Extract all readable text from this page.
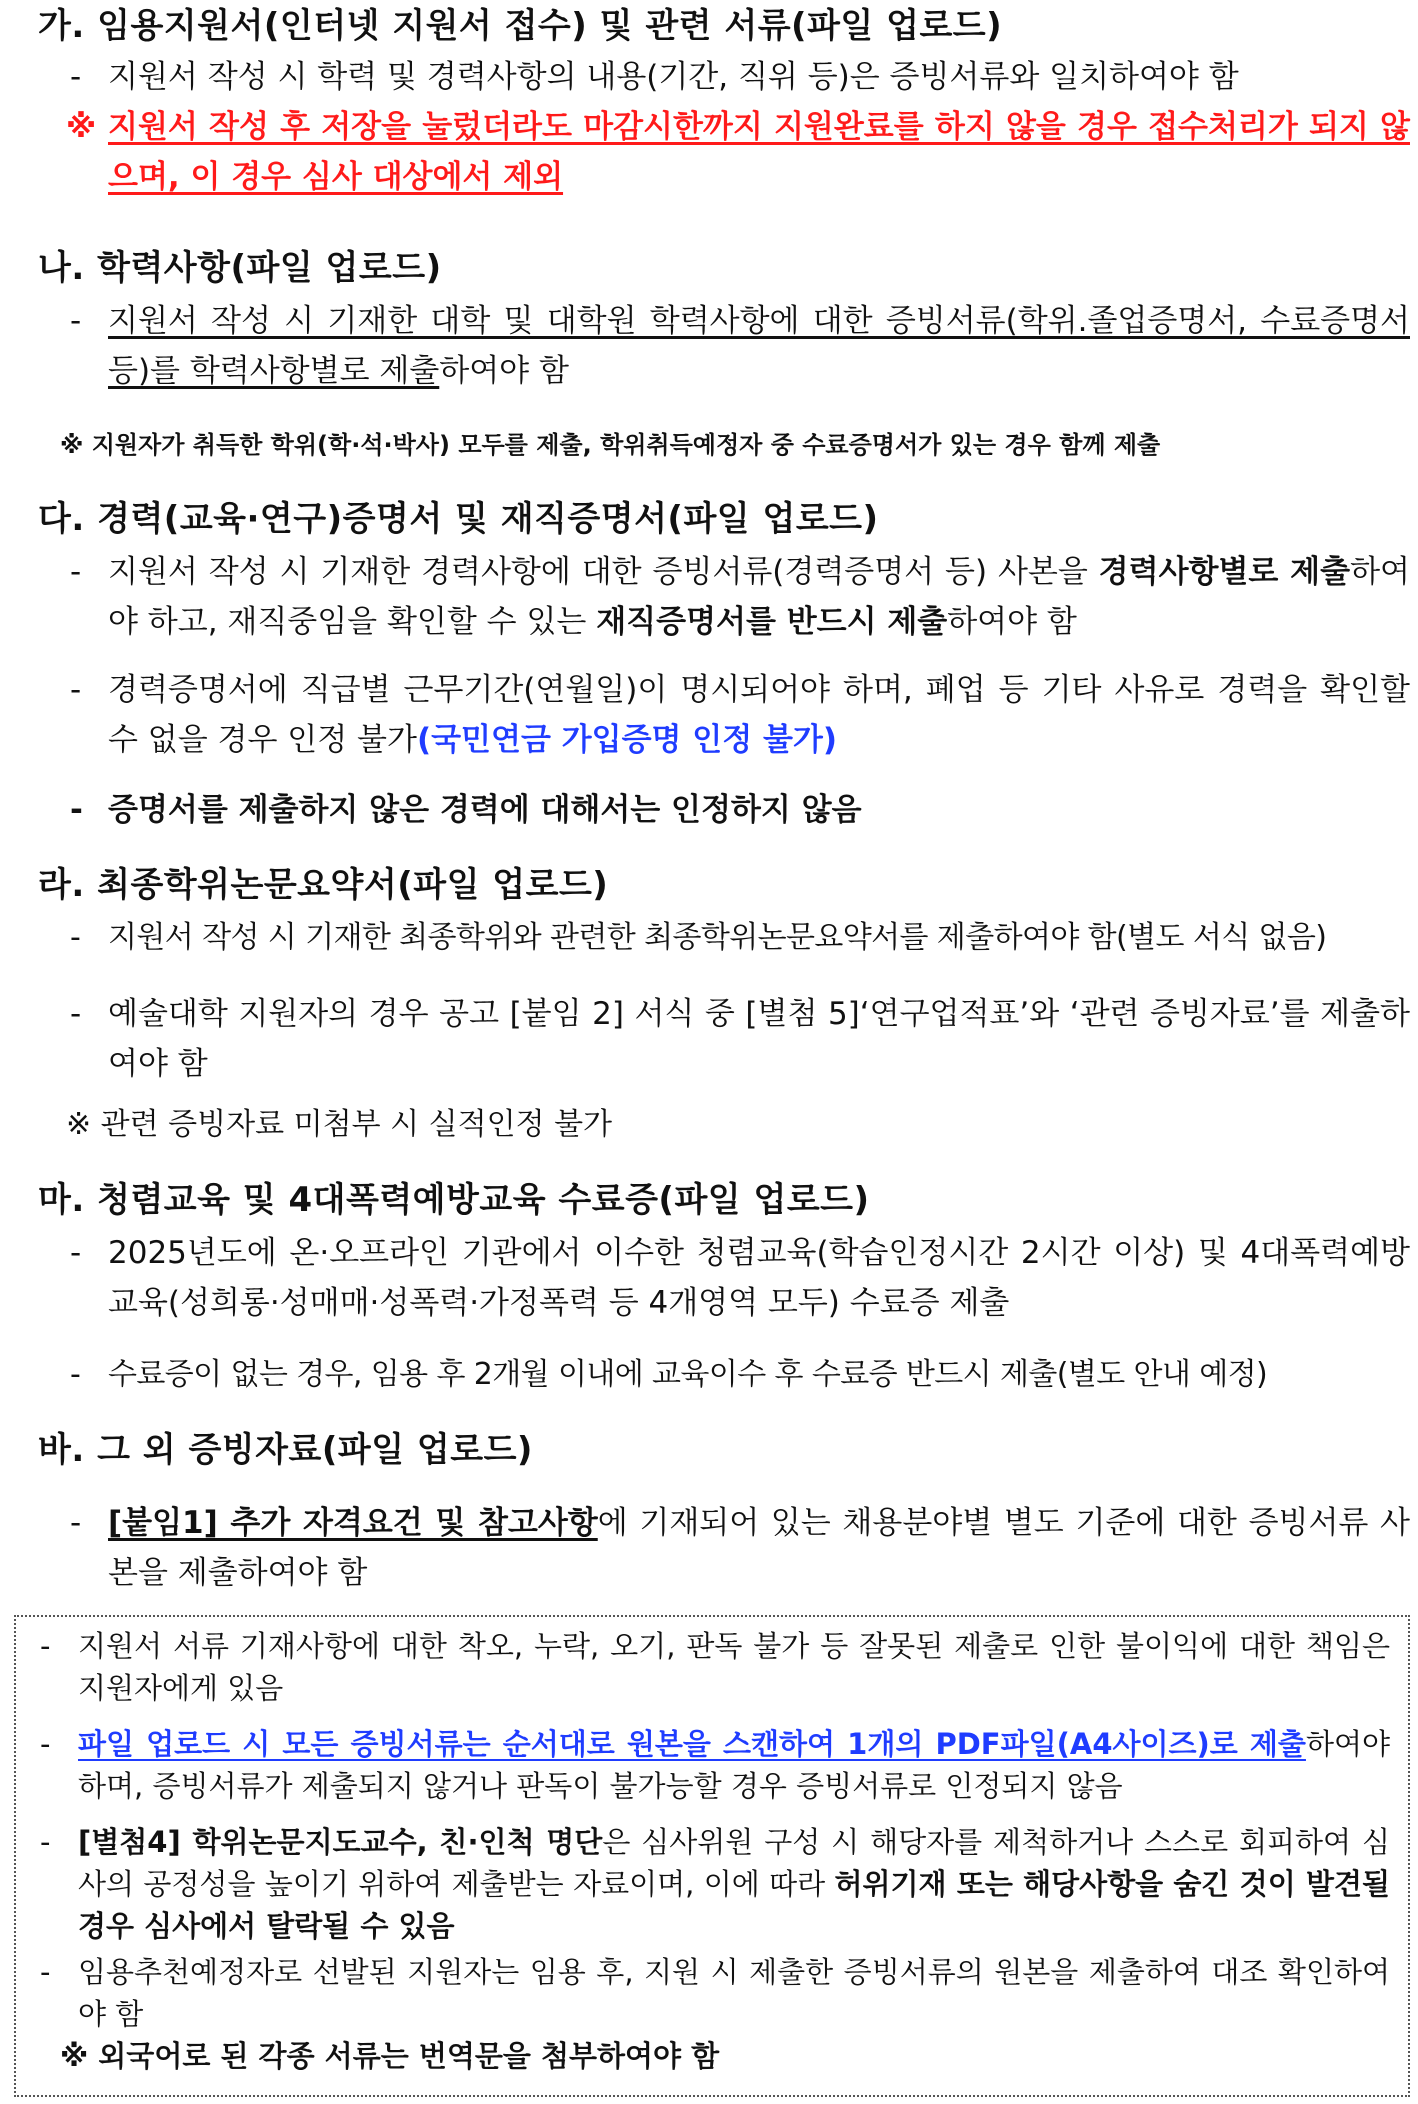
가. 임용지원서(인터넷 지원서 접수) 및 관련 서류(파일 업로드)

- 지원서 작성 시 학력 및 경력사항의 내용(기간, 직위 등)은 증빙서류와 일치하여야 함

※ 지원서 작성 후 저장을 눌렀더라도 마감시한까지 지원완료를 하지 않을 경우 접수처리가 되지 않으며, 이 경우 심사 대상에서 제외

나. 학력사항(파일 업로드)

- 지원서 작성 시 기재한 대학 및 대학원 학력사항에 대한 증빙서류(학위.졸업증명서, 수료증명서 등)를 학력사항별로 제출하여야 함

※ 지원자가 취득한 학위(학·석·박사) 모두를 제출, 학위취득예정자 중 수료증명서가 있는 경우 함께 제출

다. 경력(교육·연구)증명서 및 재직증명서(파일 업로드)

- 지원서 작성 시 기재한 경력사항에 대한 증빙서류(경력증명서 등) 사본을 경력사항별로 제출하여야 하고, 재직중임을 확인할 수 있는 재직증명서를 반드시 제출하여야 함

- 경력증명서에 직급별 근무기간(연월일)이 명시되어야 하며, 폐업 등 기타 사유로 경력을 확인할 수 없을 경우 인정 불가(국민연금 가입증명 인정 불가)

- 증명서를 제출하지 않은 경력에 대해서는 인정하지 않음

라. 최종학위논문요약서(파일 업로드)

- 지원서 작성 시 기재한 최종학위와 관련한 최종학위논문요약서를 제출하여야 함(별도 서식 없음)

- 예술대학 지원자의 경우 공고 [붙임 2] 서식 중 [별첨 5]‘연구업적표’와 ‘관련 증빙자료’를 제출하여야 함

※ 관련 증빙자료 미첨부 시 실적인정 불가

마. 청렴교육 및 4대폭력예방교육 수료증(파일 업로드)

- 2025년도에 온·오프라인 기관에서 이수한 청렴교육(학습인정시간 2시간 이상) 및 4대폭력예방교육(성희롱·성매매·성폭력·가정폭력 등 4개영역 모두) 수료증 제출

- 수료증이 없는 경우, 임용 후 2개월 이내에 교육이수 후 수료증 반드시 제출(별도 안내 예정)

바. 그 외 증빙자료(파일 업로드)

- [붙임1] 추가 자격요건 및 참고사항에 기재되어 있는 채용분야별 별도 기준에 대한 증빙서류 사본을 제출하여야 함

- 지원서 서류 기재사항에 대한 착오, 누락, 오기, 판독 불가 등 잘못된 제출로 인한 불이익에 대한 책임은 지원자에게 있음

- 파일 업로드 시 모든 증빙서류는 순서대로 원본을 스캔하여 1개의 PDF파일(A4사이즈)로 제출하여야 하며, 증빙서류가 제출되지 않거나 판독이 불가능할 경우 증빙서류로 인정되지 않음

- [별첨4] 학위논문지도교수, 친·인척 명단은 심사위원 구성 시 해당자를 제척하거나 스스로 회피하여 심사의 공정성을 높이기 위하여 제출받는 자료이며, 이에 따라 허위기재 또는 해당사항을 숨긴 것이 발견될 경우 심사에서 탈락될 수 있음

- 임용추천예정자로 선발된 지원자는 임용 후, 지원 시 제출한 증빙서류의 원본을 제출하여 대조 확인하여야 함

※ 외국어로 된 각종 서류는 번역문을 첨부하여야 함
